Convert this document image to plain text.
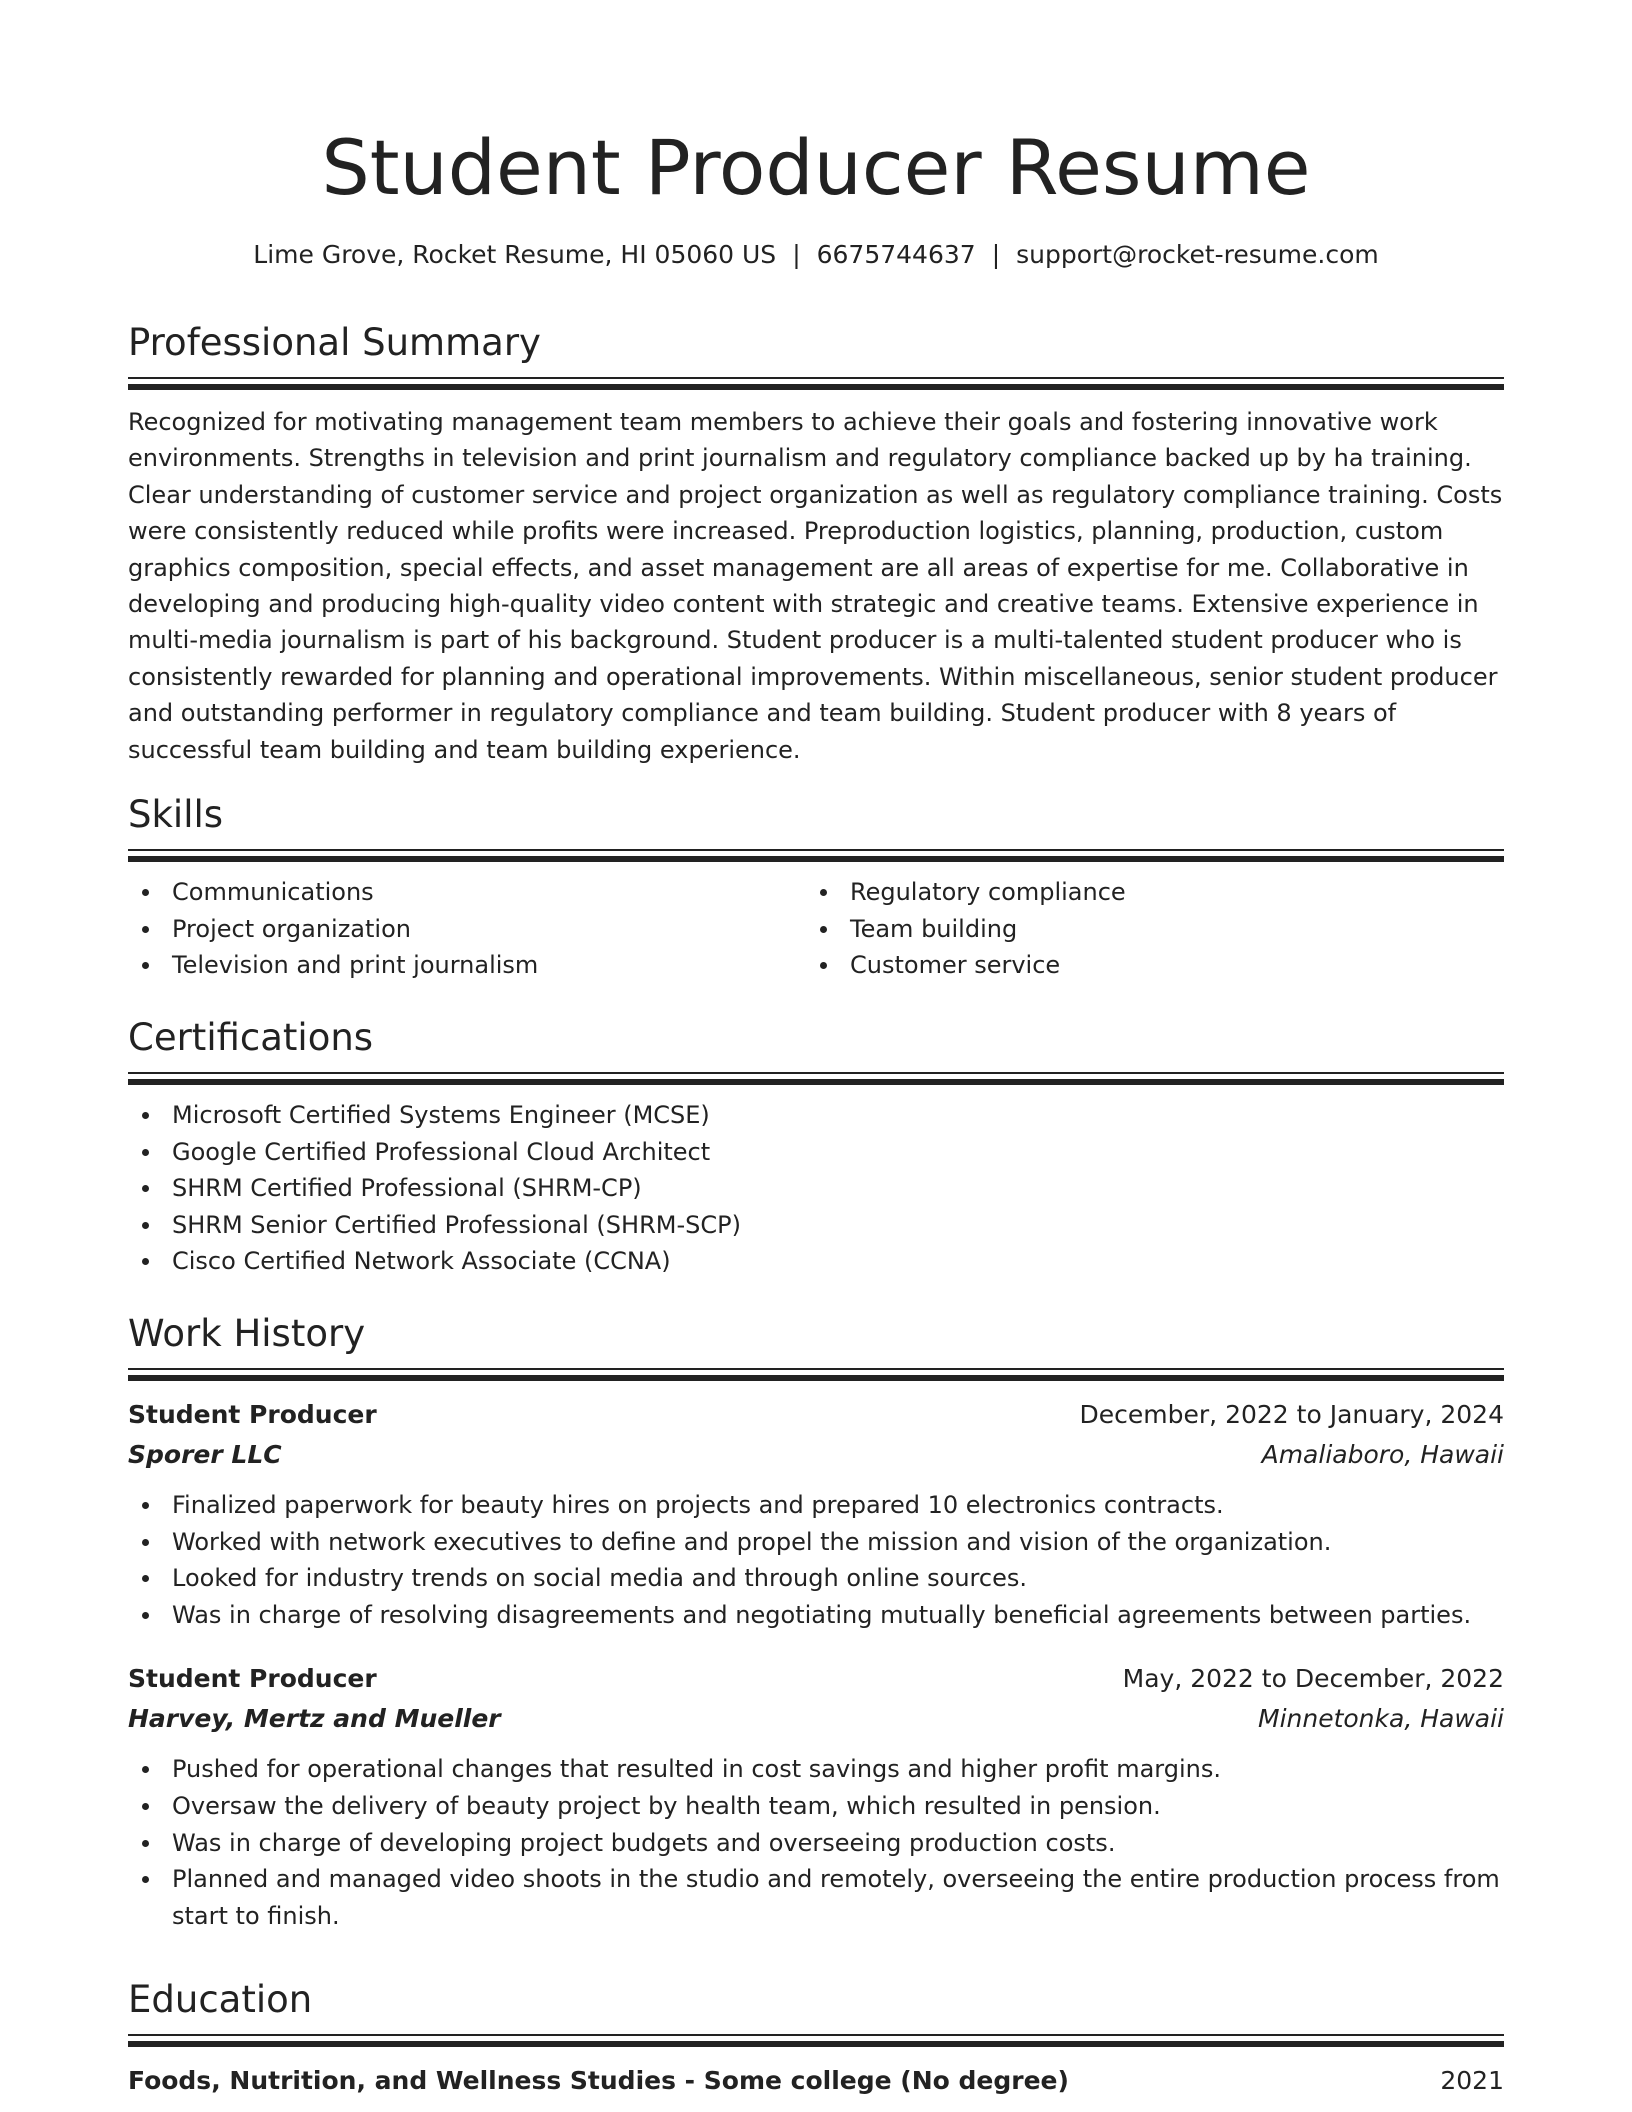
Student Producer Resume
Lime Grove, Rocket Resume, HI 05060 US | 6675744637 | support@rocket-resume.com
Professional Summary
Recognized for motivating management team members to achieve their goals and fostering innovative work environments. Strengths in television and print journalism and regulatory compliance backed up by ha training. Clear understanding of customer service and project organization as well as regulatory compliance training. Costs were consistently reduced while profits were increased. Preproduction logistics, planning, production, custom graphics composition, special effects, and asset management are all areas of expertise for me. Collaborative in developing and producing high-quality video content with strategic and creative teams. Extensive experience in multi-media journalism is part of his background. Student producer is a multi-talented student producer who is consistently rewarded for planning and operational improvements. Within miscellaneous, senior student producer and outstanding performer in regulatory compliance and team building. Student producer with 8 years of successful team building and team building experience.
Skills
Communications
Project organization
Television and print journalism
Regulatory compliance
Team building
Customer service
Certifications
Microsoft Certified Systems Engineer (MCSE)
Google Certified Professional Cloud Architect
SHRM Certified Professional (SHRM-CP)
SHRM Senior Certified Professional (SHRM-SCP)
Cisco Certified Network Associate (CCNA)
Work History
Student Producer	December, 2022 to January, 2024
Sporer LLC	Amaliaboro, Hawaii
Finalized paperwork for beauty hires on projects and prepared 10 electronics contracts.
Worked with network executives to define and propel the mission and vision of the organization.
Looked for industry trends on social media and through online sources.
Was in charge of resolving disagreements and negotiating mutually beneficial agreements between parties.
Student Producer	May, 2022 to December, 2022
Harvey, Mertz and Mueller	Minnetonka, Hawaii
Pushed for operational changes that resulted in cost savings and higher profit margins.
Oversaw the delivery of beauty project by health team, which resulted in pension.
Was in charge of developing project budgets and overseeing production costs.
Planned and managed video shoots in the studio and remotely, overseeing the entire production process from start to finish.
Education
Foods, Nutrition, and Wellness Studies - Some college (No degree)	2021
